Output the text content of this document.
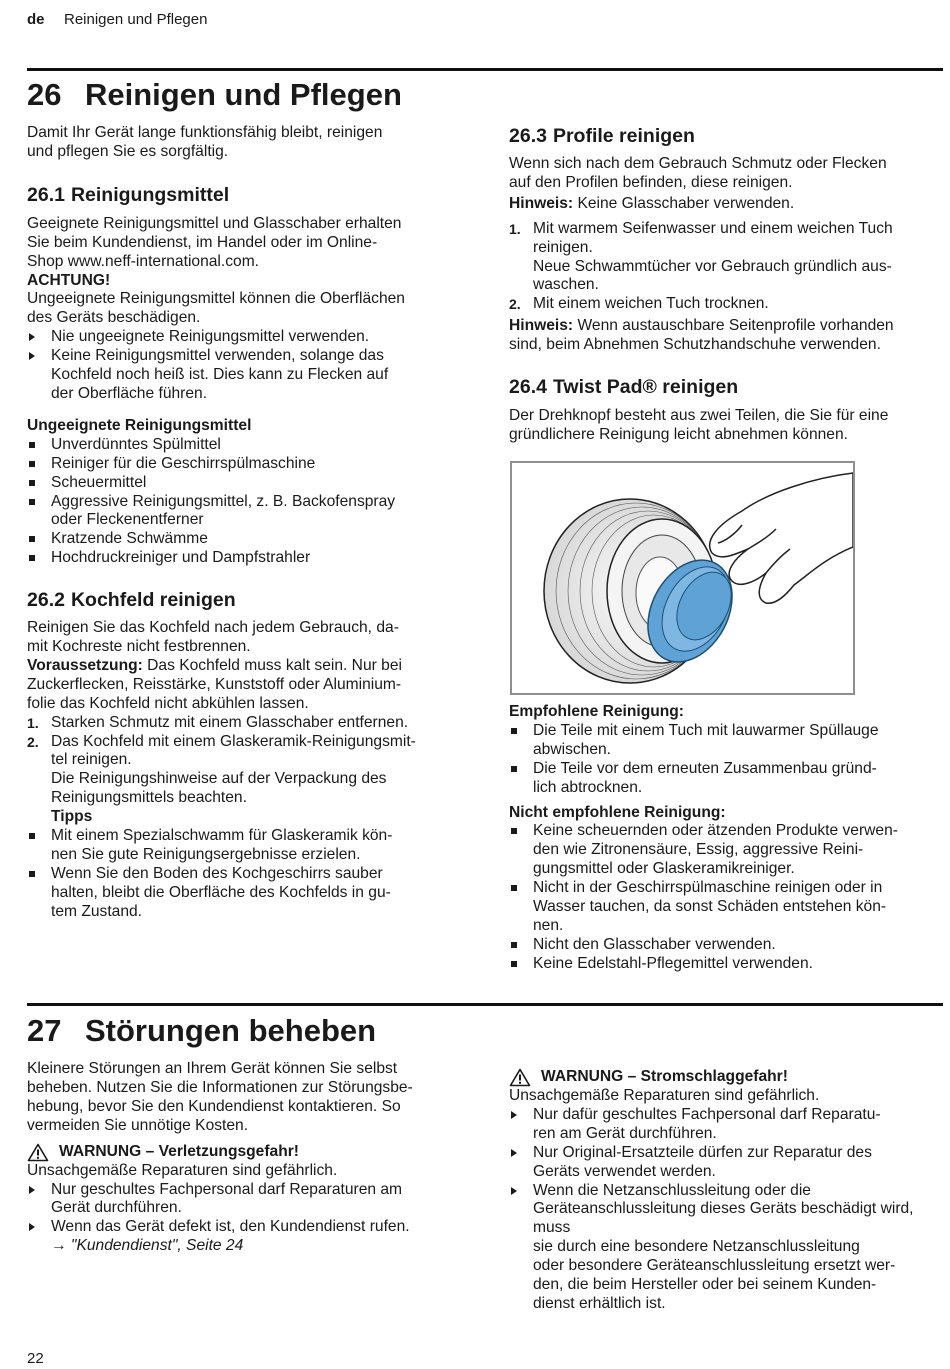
de Reinigen und Pflegen
26 Reinigen und Pflegen

Damit Ihr Gerät lange funktionsfähig bleibt, reinigen
und pflegen Sie es sorgfältig.

26.1 Reinigungsmittel

Geeignete Reinigungsmittel und Glasschaber erhalten
Sie beim Kundendienst, im Handel oder im Online-
Shop www.neff-international.com.

ACHTUNG!

Ungeeignete Reinigungsmittel können die Oberflächen
des Geräts beschädigen.

Nie ungeeignete Reinigungsmittel verwenden.
Keine Reinigungsmittel verwenden, solange das
Kochfeld noch heiß ist. Dies kann zu Flecken auf
der Oberfläche führen.

Ungeeignete Reinigungsmittel

Unverdünntes Spülmittel
Reiniger für die Geschirrspülmaschine
Scheuermittel
Aggressive Reinigungsmittel, z. B. Backofenspray
oder Fleckenentferner
Kratzende Schwämme
Hochdruckreiniger und Dampfstrahler
26.2 Kochfeld reinigen

Reinigen Sie das Kochfeld nach jedem Gebrauch, da-
mit Kochreste nicht festbrennen.

Voraussetzung: Das Kochfeld muss kalt sein. Nur bei
Zuckerflecken, Reisstärke, Kunststoff oder Aluminium-
folie das Kochfeld nicht abkühlen lassen.

1. Starken Schmutz mit einem Glasschaber entfernen.
2. Das Kochfeld mit einem Glaskeramik-Reinigungsmit-
tel reinigen.
Die Reinigungshinweise auf der Verpackung des
Reinigungsmittels beachten.

Tipps

Mit einem Spezialschwamm für Glaskeramik kön-
nen Sie gute Reinigungsergebnisse erzielen.
Wenn Sie den Boden des Kochgeschirrs sauber
halten, bleibt die Oberfläche des Kochfelds in gu-
tem Zustand.
26.3 Profile reinigen

Wenn sich nach dem Gebrauch Schmutz oder Flecken
auf den Profilen befinden, diese reinigen.

Hinweis: Keine Glasschaber verwenden.

1. Mit warmem Seifenwasser und einem weichen Tuch
reinigen.
Neue Schwammtücher vor Gebrauch gründlich aus-
waschen.
2. Mit einem weichen Tuch trocknen.

Hinweis: Wenn austauschbare Seitenprofile vorhanden
sind, beim Abnehmen Schutzhandschuhe verwenden.

26.4 Twist Pad® reinigen

Der Drehknopf besteht aus zwei Teilen, die Sie für eine
gründlichere Reinigung leicht abnehmen können.

Empfohlene Reinigung:

Die Teile mit einem Tuch mit lauwarmer Spüllauge
abwischen.
Die Teile vor dem erneuten Zusammenbau gründ-
lich abtrocknen.

Nicht empfohlene Reinigung:

Keine scheuernden oder ätzenden Produkte verwen-
den wie Zitronensäure, Essig, aggressive Reini-
gungsmittel oder Glaskeramikreiniger.
Nicht in der Geschirrspülmaschine reinigen oder in
Wasser tauchen, da sonst Schäden entstehen kön-
nen.
Nicht den Glasschaber verwenden.
Keine Edelstahl-Pflegemittel verwenden.
27 Störungen beheben

Kleinere Störungen an Ihrem Gerät können Sie selbst
beheben. Nutzen Sie die Informationen zur Störungsbe-
hebung, bevor Sie den Kundendienst kontaktieren. So
vermeiden Sie unnötige Kosten.

WARNUNG – Verletzungsgefahr!

Unsachgemäße Reparaturen sind gefährlich.

Nur geschultes Fachpersonal darf Reparaturen am
Gerät durchführen.
Wenn das Gerät defekt ist, den Kundendienst rufen.
→ "Kundendienst", Seite 24
WARNUNG – Stromschlaggefahr!

Unsachgemäße Reparaturen sind gefährlich.

Nur dafür geschultes Fachpersonal darf Reparatu-
ren am Gerät durchführen.
Nur Original-Ersatzteile dürfen zur Reparatur des
Geräts verwendet werden.
Wenn die Netzanschlussleitung oder die Geräteanschlussleitung dieses Geräts beschädigt wird, muss
sie durch eine besondere Netzanschlussleitung
oder besondere Geräteanschlussleitung ersetzt wer-
den, die beim Hersteller oder bei seinem Kunden-
dienst erhältlich ist.
22
